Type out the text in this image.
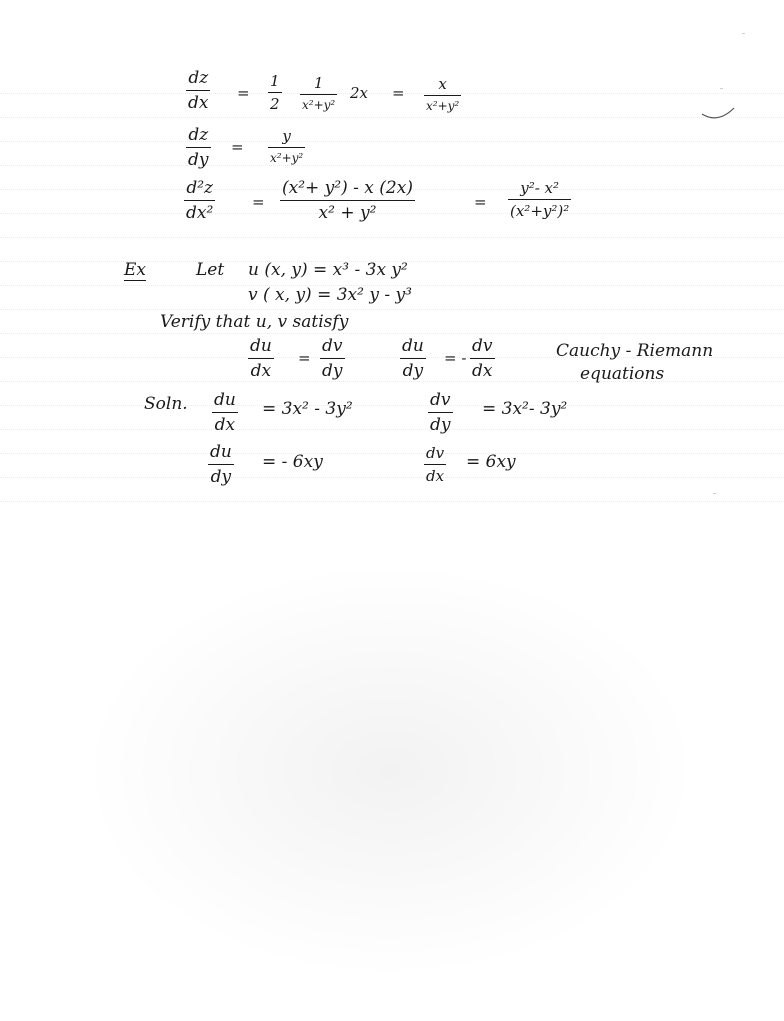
dz
dx =
1
2
1
x²+y²
2x = x
x²+y²
dz
dy
=
y
x²+y²
d²z
dx²
=
(x²+ y²) - x (2x)
x² + y²
=
y²- x²
(x²+y²)²
Ex	Let u (x, y) = x³ - 3x y²
v ( x, y) = 3x² y - y³
Verify that u, v satisfy
du
dx
=
dv
dy
du
dy
= -
dv
dx
Cauchy - Riemann
equations
Soln. du
dx
= 3x² - 3y²	dv
dy
= 3x²- 3y²
du
dy
= - 6xy	dv
dx
= 6xy
